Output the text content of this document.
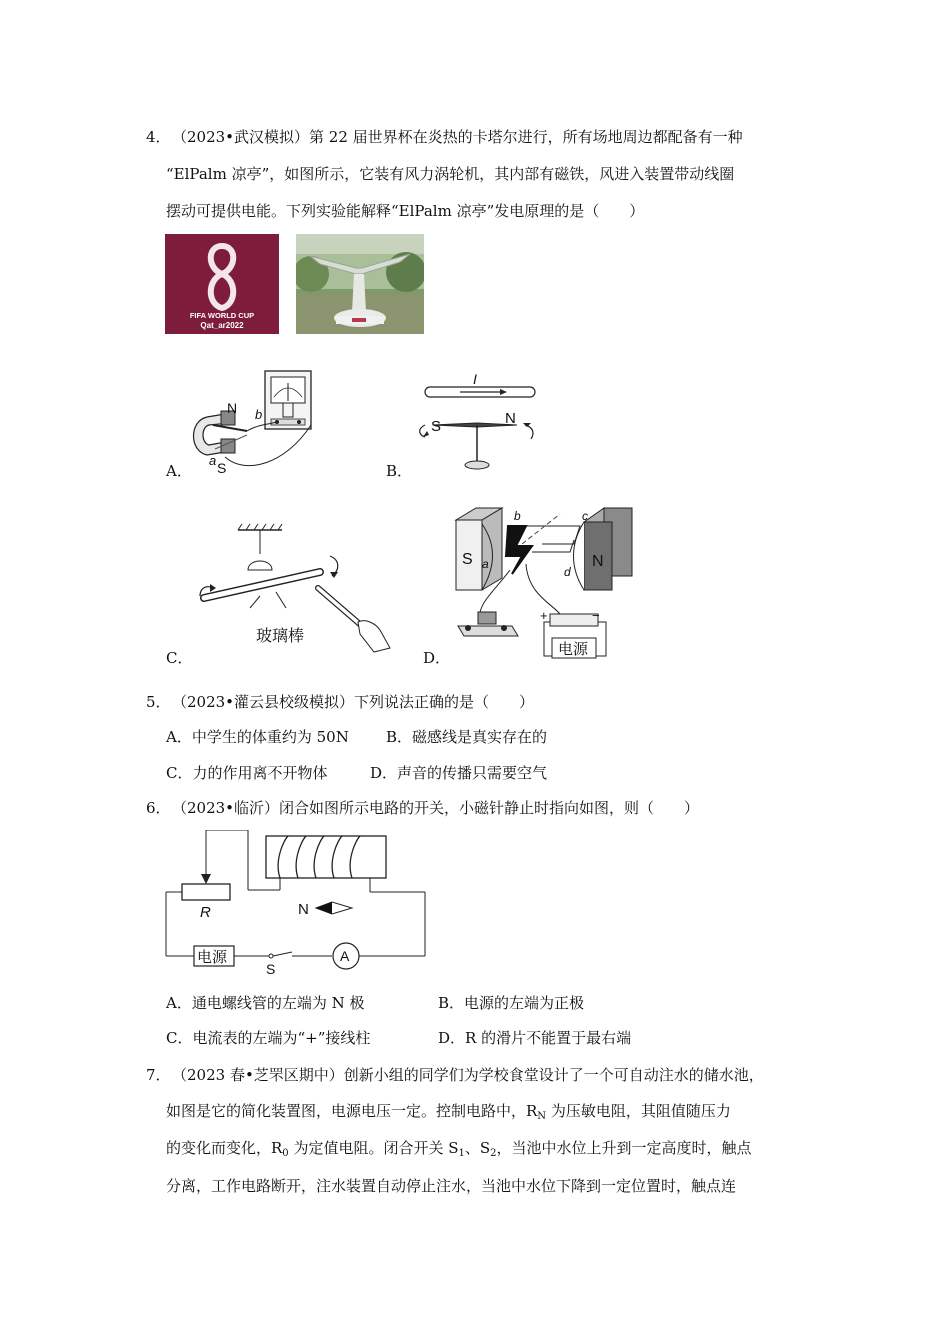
4． （2023•武汉模拟）第 22 届世界杯在炎热的卡塔尔进行，所有场地周边都配备有一种
“ElPalm 凉亭”，如图所示，它装有风力涡轮机，其内部有磁铁，风进入装置带动线圈
摆动可提供电能。下列实验能解释“ElPalm 凉亭”发电原理的是（　　）
FIFA WORLD CUP
Qat_ar2022
A．
N b
a S	B．
I
S	N
C．
玻璃棒
D．
S a
b	c
d
N
+	−
电源
5． （2023•灌云县校级模拟）下列说法正确的是（　　）
A．中学生的体重约为 50N B．磁感线是真实存在的
C．力的作用离不开物体	D．声音的传播只需要空气
6． （2023•临沂）闭合如图所示电路的开关，小磁针静止时指向如图，则（　　）
R	N
电源
S
A
A．通电螺线管的左端为 N 极	B．电源的左端为正极
C．电流表的左端为“+”接线柱	D．R 的滑片不能置于最右端
7． （2023 春•芝罘区期中）创新小组的同学们为学校食堂设计了一个可自动注水的储水池，
如图是它的简化装置图，电源电压一定。控制电路中，$R_N$ 为压敏电阻，其阻值随压力
的变化而变化，$R_0$ 为定值电阻。闭合开关 $S_1$、$S_2$，当池中水位上升到一定高度时，触点
分离，工作电路断开，注水装置自动停止注水，当池中水位下降到一定位置时，触点连
